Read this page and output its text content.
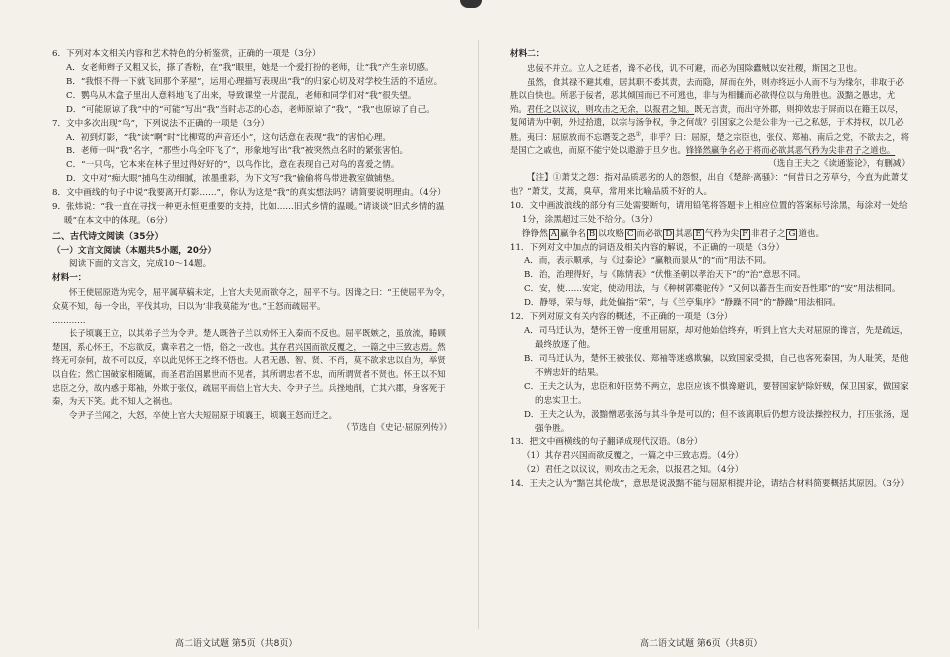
6．下列对本文相关内容和艺术特色的分析鉴赏，正确的一项是（3分）

A．女老师辫子又粗又长，搽了香粉，在“我”眼里，她是一个爱打扮的老师，让“我”产生亲切感。

B．“我恨不得一下就飞回那个茅屋”，运用心理描写表现出“我”的归家心切及对学校生活的不适应。

C．鹦鸟从木盒子里出人意料地飞了出来，导致课堂一片混乱，老师和同学们对“我”很失望。

D．“可能原谅了我”中的“可能”写出“我”当时忐忑的心态，老师原谅了“我”，“我”也原谅了自己。

7．文中多次出现“鸟”，下列说法不正确的一项是（3分）

A．初到灯影，“我”读“啊”时“比柳莺的声音还小”，这句话意在表现“我”的害怕心理。

B．老师一叫“我”名字，“那些小鸟全吓飞了”，形象地写出“我”被突然点名时的紧张害怕。

C．“一只鸟，它本来在林子里过得好好的”，以鸟作比，意在表现自己对鸟的喜爱之情。

D．文中对“痴大眼”捕鸟生动细腻，浓墨重彩，为下文写“我”偷偷将鸟带进教室做铺垫。

8．文中画线的句子中说“我要离开灯影……”，你认为这是“我”的真实想法吗？请简要说明理由。（4分）

9．张炜说：“我一直在寻找一种更永恒更重要的支持，比如……旧式乡情的温暖。”请谈谈“旧式乡情的温暖”在本文中的体现。（6分）

二、古代诗文阅读（35分）

（一）文言文阅读（本题共5小题，20分）

阅读下面的文言文，完成10～14题。

材料一：

怀王使屈原造为宪令，屈平属草稿未定，上官大夫见而欲夺之，屈平不与。因谗之曰：“王使屈平为令，众莫不知，每一令出，平伐其功，曰以为‘非我莫能为’也。”王怒而疏屈平。

…………

长子顷襄王立，以其弟子兰为令尹。楚人既咎子兰以劝怀王入秦而不反也。屈平既嫉之，虽放流，睠顾楚国，系心怀王，不忘欲反，冀幸君之一悟，俗之一改也。其存君兴国而欲反覆之，一篇之中三致志焉。然终无可奈何，故不可以反，卒以此见怀王之终不悟也。人君无愚、智、贤、不肖，莫不欲求忠以自为，举贤以自佐；然亡国破家相随属，而圣君治国累世而不见者，其所谓忠者不忠，而所谓贤者不贤也。怀王以不知忠臣之分，故内惑于郑袖，外欺于张仪，疏屈平而信上官大夫、令尹子兰。兵挫地削，亡其六郡，身客死于秦，为天下笑。此不知人之祸也。

令尹子兰闻之，大怒，卒使上官大夫短屈原于顷襄王，顷襄王怒而迁之。

（节选自《史记·屈原列传》）

高二语文试题 第5页（共8页）

材料二：

忠佞不并立。立人之廷者，谗不必伐，讥不可避，而必为国除蠹贼以安社稷，斯国之卫也。

虽然，食其禄不避其难，居其职不委其责，去而隐，屏而在外，则亦终远小人而不与为缘尔，非取于必胜以自快也。所恶于佞者，恶其倾国而已不可逃也，非与为相雠而必欲得位以与角胜也。汲黯之愚忠，尤殆。君任之以议议，则攻击之无余，以报君之知。既无言责，而出守外郡，则抑效忠于屏而以在籍王以尽，复闻请为中朝，外过拾遗，以宗与汤争权，争之何哉？引国家之公是公非为一己之私惩，于术持权，以几必胜。夷曰：屈原放而不忘谮芰之恐①，非乎？曰：屈原，楚之宗臣也，张仪、郑袖、南后之党，不欲去之，将是国亡之戚也，而原不能宁处以遨游于旦夕也。锋锋然羸争名必于将而必欲其恶气矜为尖非君子之道也。

（选自王夫之《读通鉴论》，有删减）

【注】①萧艾之怨：指对品质恶劣的人的怨恨，出自《楚辞·离骚》：“何昔日之芳草兮，今直为此萧艾也？”萧艾，艾蒿，臭草，常用来比喻品质不好的人。

10．文中画波浪线的部分有三处需要断句，请用铅笔将答题卡上相应位置的答案标号涂黑，每涂对一处给1分，涂黑超过三处不给分。（3分）

铮铮然 A 羸争名 B 以攻赂 C 而必欲 D 其恶 E 气矜为尖 F 非君子之 G 道也。

11．下列对文中加点的词语及相关内容的解说，不正确的一项是（3分）

A．而，表示顺承，与《过秦论》“赢粮而景从”的“而”用法不同。

B．治，治理得好，与《陈情表》“伏惟圣朝以孝治天下”的“治”意思不同。

C．安，使……安定，使动用法，与《种树郭橐驼传》“又何以蕃吾生而安吾性耶”的“安”用法相同。

D．静辱，荣与辱，此处偏指“荣”，与《兰亭集序》“静躁不同”的“静躁”用法相同。

12．下列对原文有关内容的概述，不正确的一项是（3分）

A．司马迁认为，楚怀王曾一度重用屈原，却对他始信终弃，听到上官大夫对屈原的谗言，先是疏远，最终放逐了他。

B．司马迁认为，楚怀王被张仪、郑袖等迷惑欺骗，以致国家受损，自己也客死秦国，为人耻笑，是他不辨忠奸的结果。

C．王夫之认为，忠臣和奸臣势不两立，忠臣应该不惧谗避讥，要替国家铲除奸贼，保卫国家，做国家的忠实卫士。

D．王夫之认为，汲黯憎恶张汤与其斗争是可以的；但不该离职后仍想方设法操控权力，打压张汤，逞强争胜。

13．把文中画横线的句子翻译成现代汉语。（8分）

（1）其存君兴国而欲反覆之，一篇之中三致志焉。（4分）

（2）君任之以议议，则攻击之无余，以报君之知。（4分）

14．王夫之认为“黯岂其伦哉”，意思是说汲黯不能与屈原相提并论，请结合材料简要概括其原因。（3分）

高二语文试题 第6页（共8页）
